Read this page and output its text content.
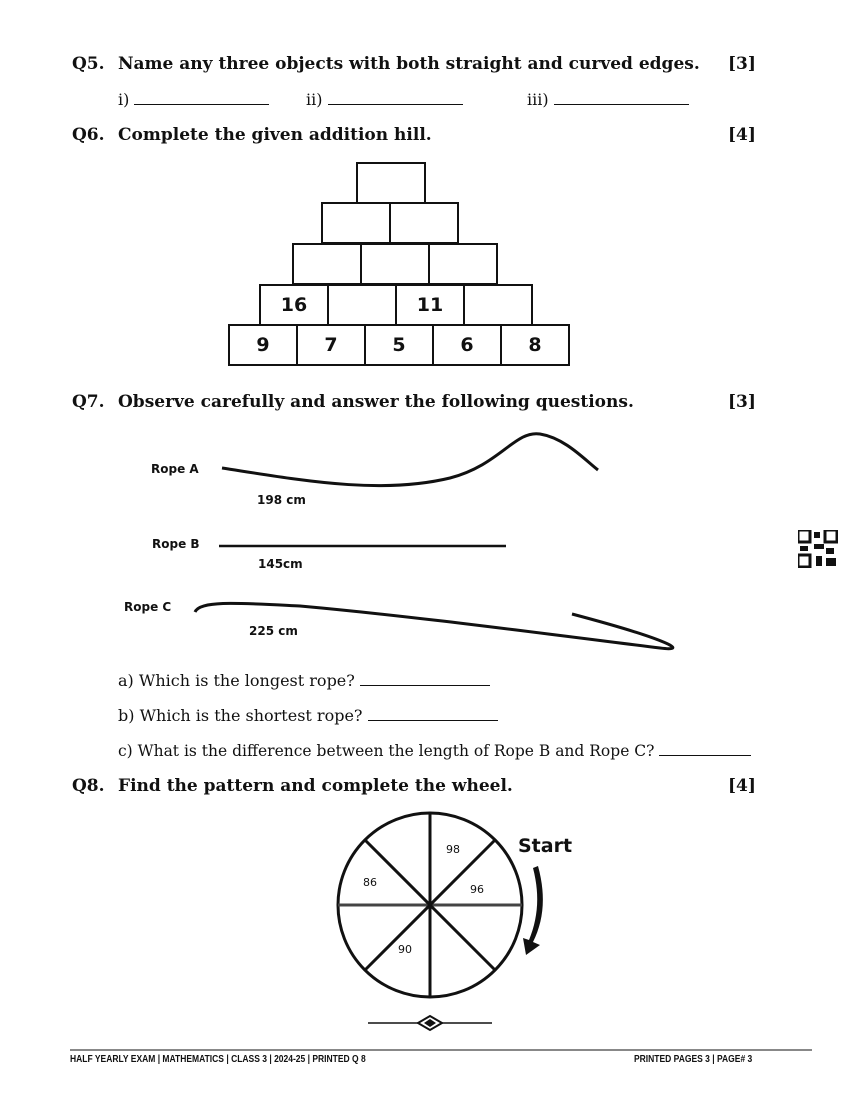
Q5. Name any three objects with both straight and curved edges. [3]
i)	ii)	iii)
Q6. Complete the given addition hill.	[4]
16	11
9	7	5	6	8
Q7. Observe carefully and answer the following questions.	[3]
Rope A
198 cm
Rope B
145cm
Rope C
225 cm
a) Which is the longest rope?
b) Which is the shortest rope?
c) What is the difference between the length of Rope B and Rope C?
Q8. Find the pattern and complete the wheel.	[4]
Start
98
96
90
86
HALF YEARLY EXAM | MATHEMATICS | CLASS 3 | 2024-25 | PRINTED Q 8	PRINTED PAGES 3 | PAGE# 3
